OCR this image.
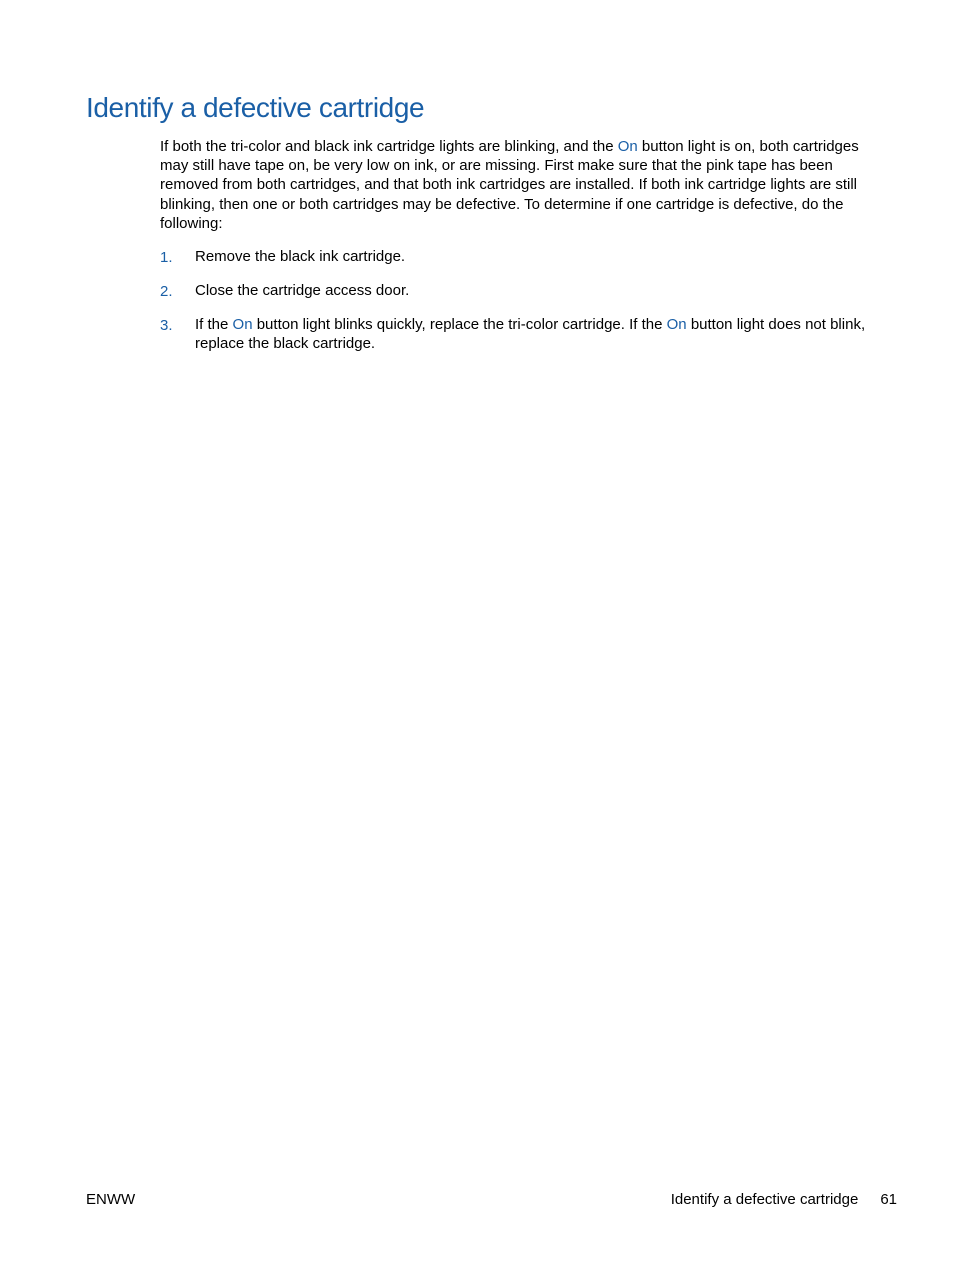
Identify a defective cartridge

If both the tri-color and black ink cartridge lights are blinking, and the On button light is on, both cartridges may still have tape on, be very low on ink, or are missing. First make sure that the pink tape has been removed from both cartridges, and that both ink cartridges are installed. If both ink cartridge lights are still blinking, then one or both cartridges may be defective. To determine if one cartridge is defective, do the following:

1. Remove the black ink cartridge.
2. Close the cartridge access door.
3. If the On button light blinks quickly, replace the tri-color cartridge. If the On button light does not blink, replace the black cartridge.
ENWW	Identify a defective cartridge 61
